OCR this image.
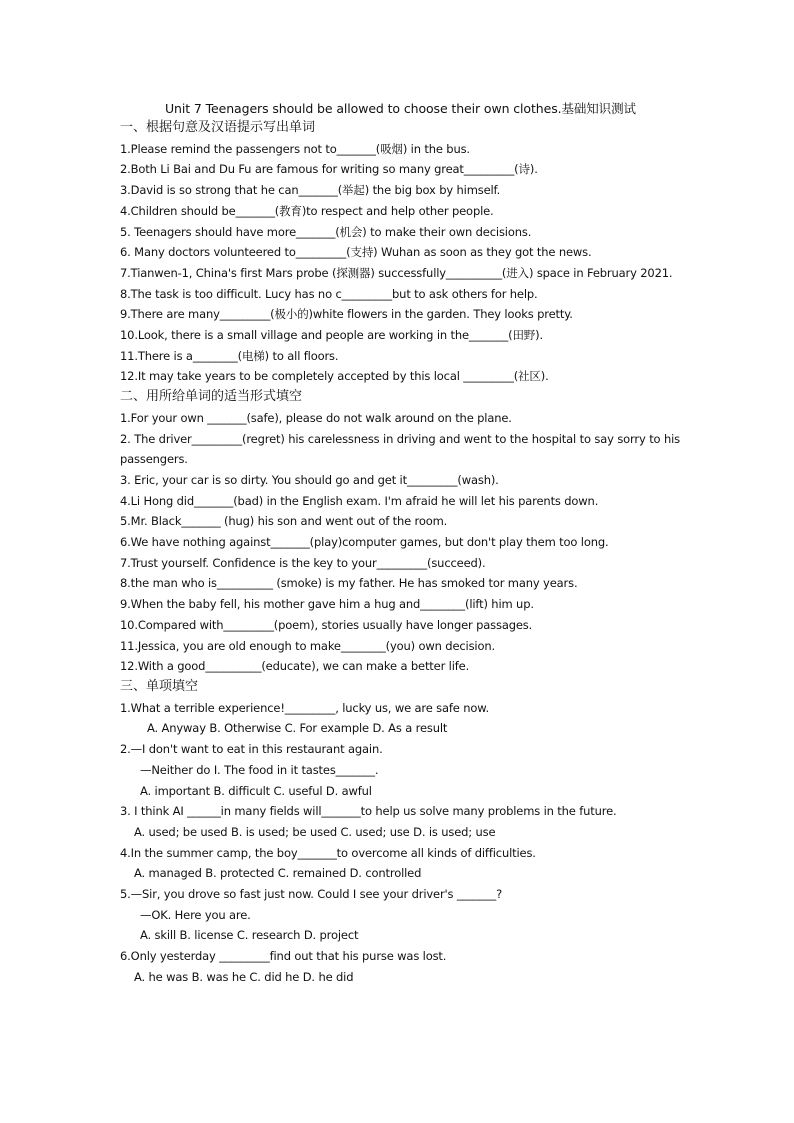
Unit 7 Teenagers should be allowed to choose their own clothes.基础知识测试
一、根据句意及汉语提示写出单词
1.Please remind the passengers not to_______(吸烟) in the bus.
2.Both Li Bai and Du Fu are famous for writing so many great_________(诗).
3.David is so strong that he can_______(举起) the big box by himself.
4.Children should be_______(教育)to respect and help other people.
5. Teenagers should have more_______(机会) to make their own decisions.
6. Many doctors volunteered to_________(支持) Wuhan as soon as they got the news.
7.Tianwen-1, China's first Mars probe (探测器) successfully__________(进入) space in February 2021.
8.The task is too difficult. Lucy has no c_________but to ask others for help.
9.There are many_________(极小的)white flowers in the garden. They looks pretty.
10.Look, there is a small village and people are working in the_______(田野).
11.There is a________(电梯) to all floors.
12.It may take years to be completely accepted by this local _________(社区).
二、用所给单词的适当形式填空
1.For your own _______(safe), please do not walk around on the plane.
2. The driver_________(regret) his carelessness in driving and went to the hospital to say sorry to his passengers.
3. Eric, your car is so dirty. You should go and get it_________(wash).
4.Li Hong did_______(bad) in the English exam. I'm afraid he will let his parents down.
5.Mr. Black_______ (hug) his son and went out of the room.
6.We have nothing against_______(play)computer games, but don't play them too long.
7.Trust yourself. Confidence is the key to your_________(succeed).
8.the man who is__________ (smoke) is my father. He has smoked tor many years.
9.When the baby fell, his mother gave him a hug and________(lift) him up.
10.Compared with_________(poem), stories usually have longer passages.
11.Jessica, you are old enough to make________(you) own decision.
12.With a good__________(educate), we can make a better life.
三、单项填空
1.What a terrible experience!_________, lucky us, we are safe now.
A. Anyway B. Otherwise C. For example D. As a result
2.—I don't want to eat in this restaurant again.
—Neither do I. The food in it tastes_______.
A. important B. difficult C. useful D. awful
3. I think AI ______in many fields will_______to help us solve many problems in the future.
A. used; be used B. is used; be used C. used; use D. is used; use
4.In the summer camp, the boy_______to overcome all kinds of difficulties.
A. managed B. protected C. remained D. controlled
5.—Sir, you drove so fast just now. Could I see your driver's _______?
—OK. Here you are.
A. skill B. license C. research D. project
6.Only yesterday _________find out that his purse was lost.
A. he was B. was he C. did he D. he did
